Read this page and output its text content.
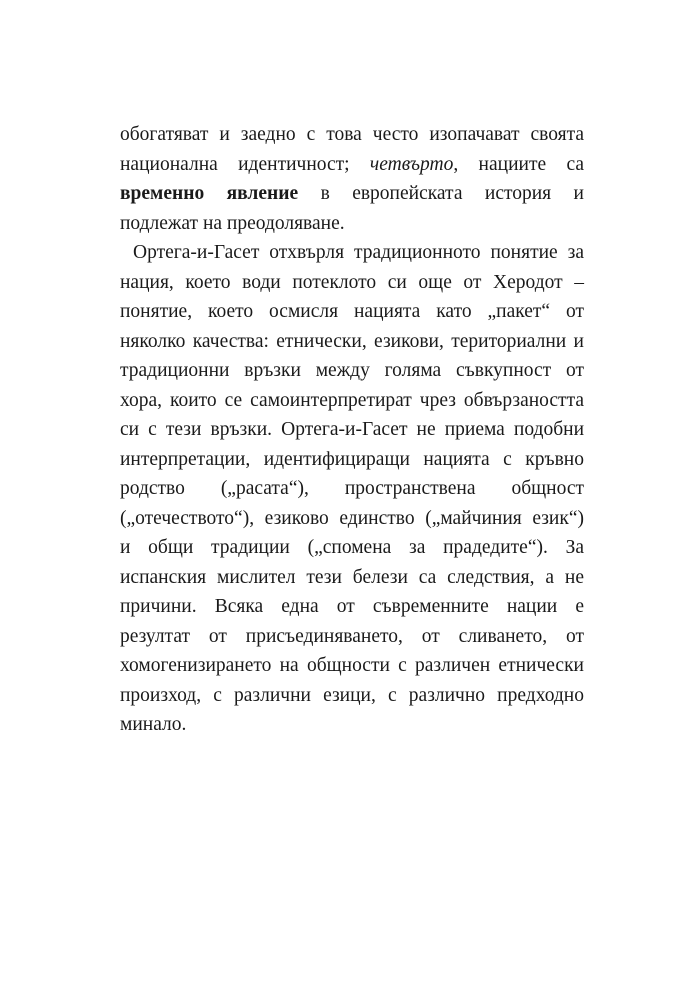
обогатяват и заедно с това често изопачават своята
национална идентичност; четвърто, нациите са
временно явление в европейската история и
подлежат на преодоляване.
Ортега-и-Гасет отхвърля традиционното понятие за
нация, което води потеклото си още от Херодот –
понятие, което осмисля нацията като „пакет“ от
няколко качества: етнически, езикови, териториални и
традиционни връзки между голяма съвкупност от
хора, които се самоинтерпретират чрез обвързаността
си с тези връзки. Ортега-и-Гасет не приема подобни
интерпретации, идентифициращи нацията с кръвно
родство („расата“), пространствена общност
(„отечеството“), езиково единство („майчиния език“)
и общи традиции („спомена за прадедите“). За
испанския мислител тези белези са следствия, а не
причини. Всяка една от съвременните нации е
резултат от присъединяването, от сливането, от
хомогенизирането на общности с различен етнически
произход, с различни езици, с различно предходно
минало.
